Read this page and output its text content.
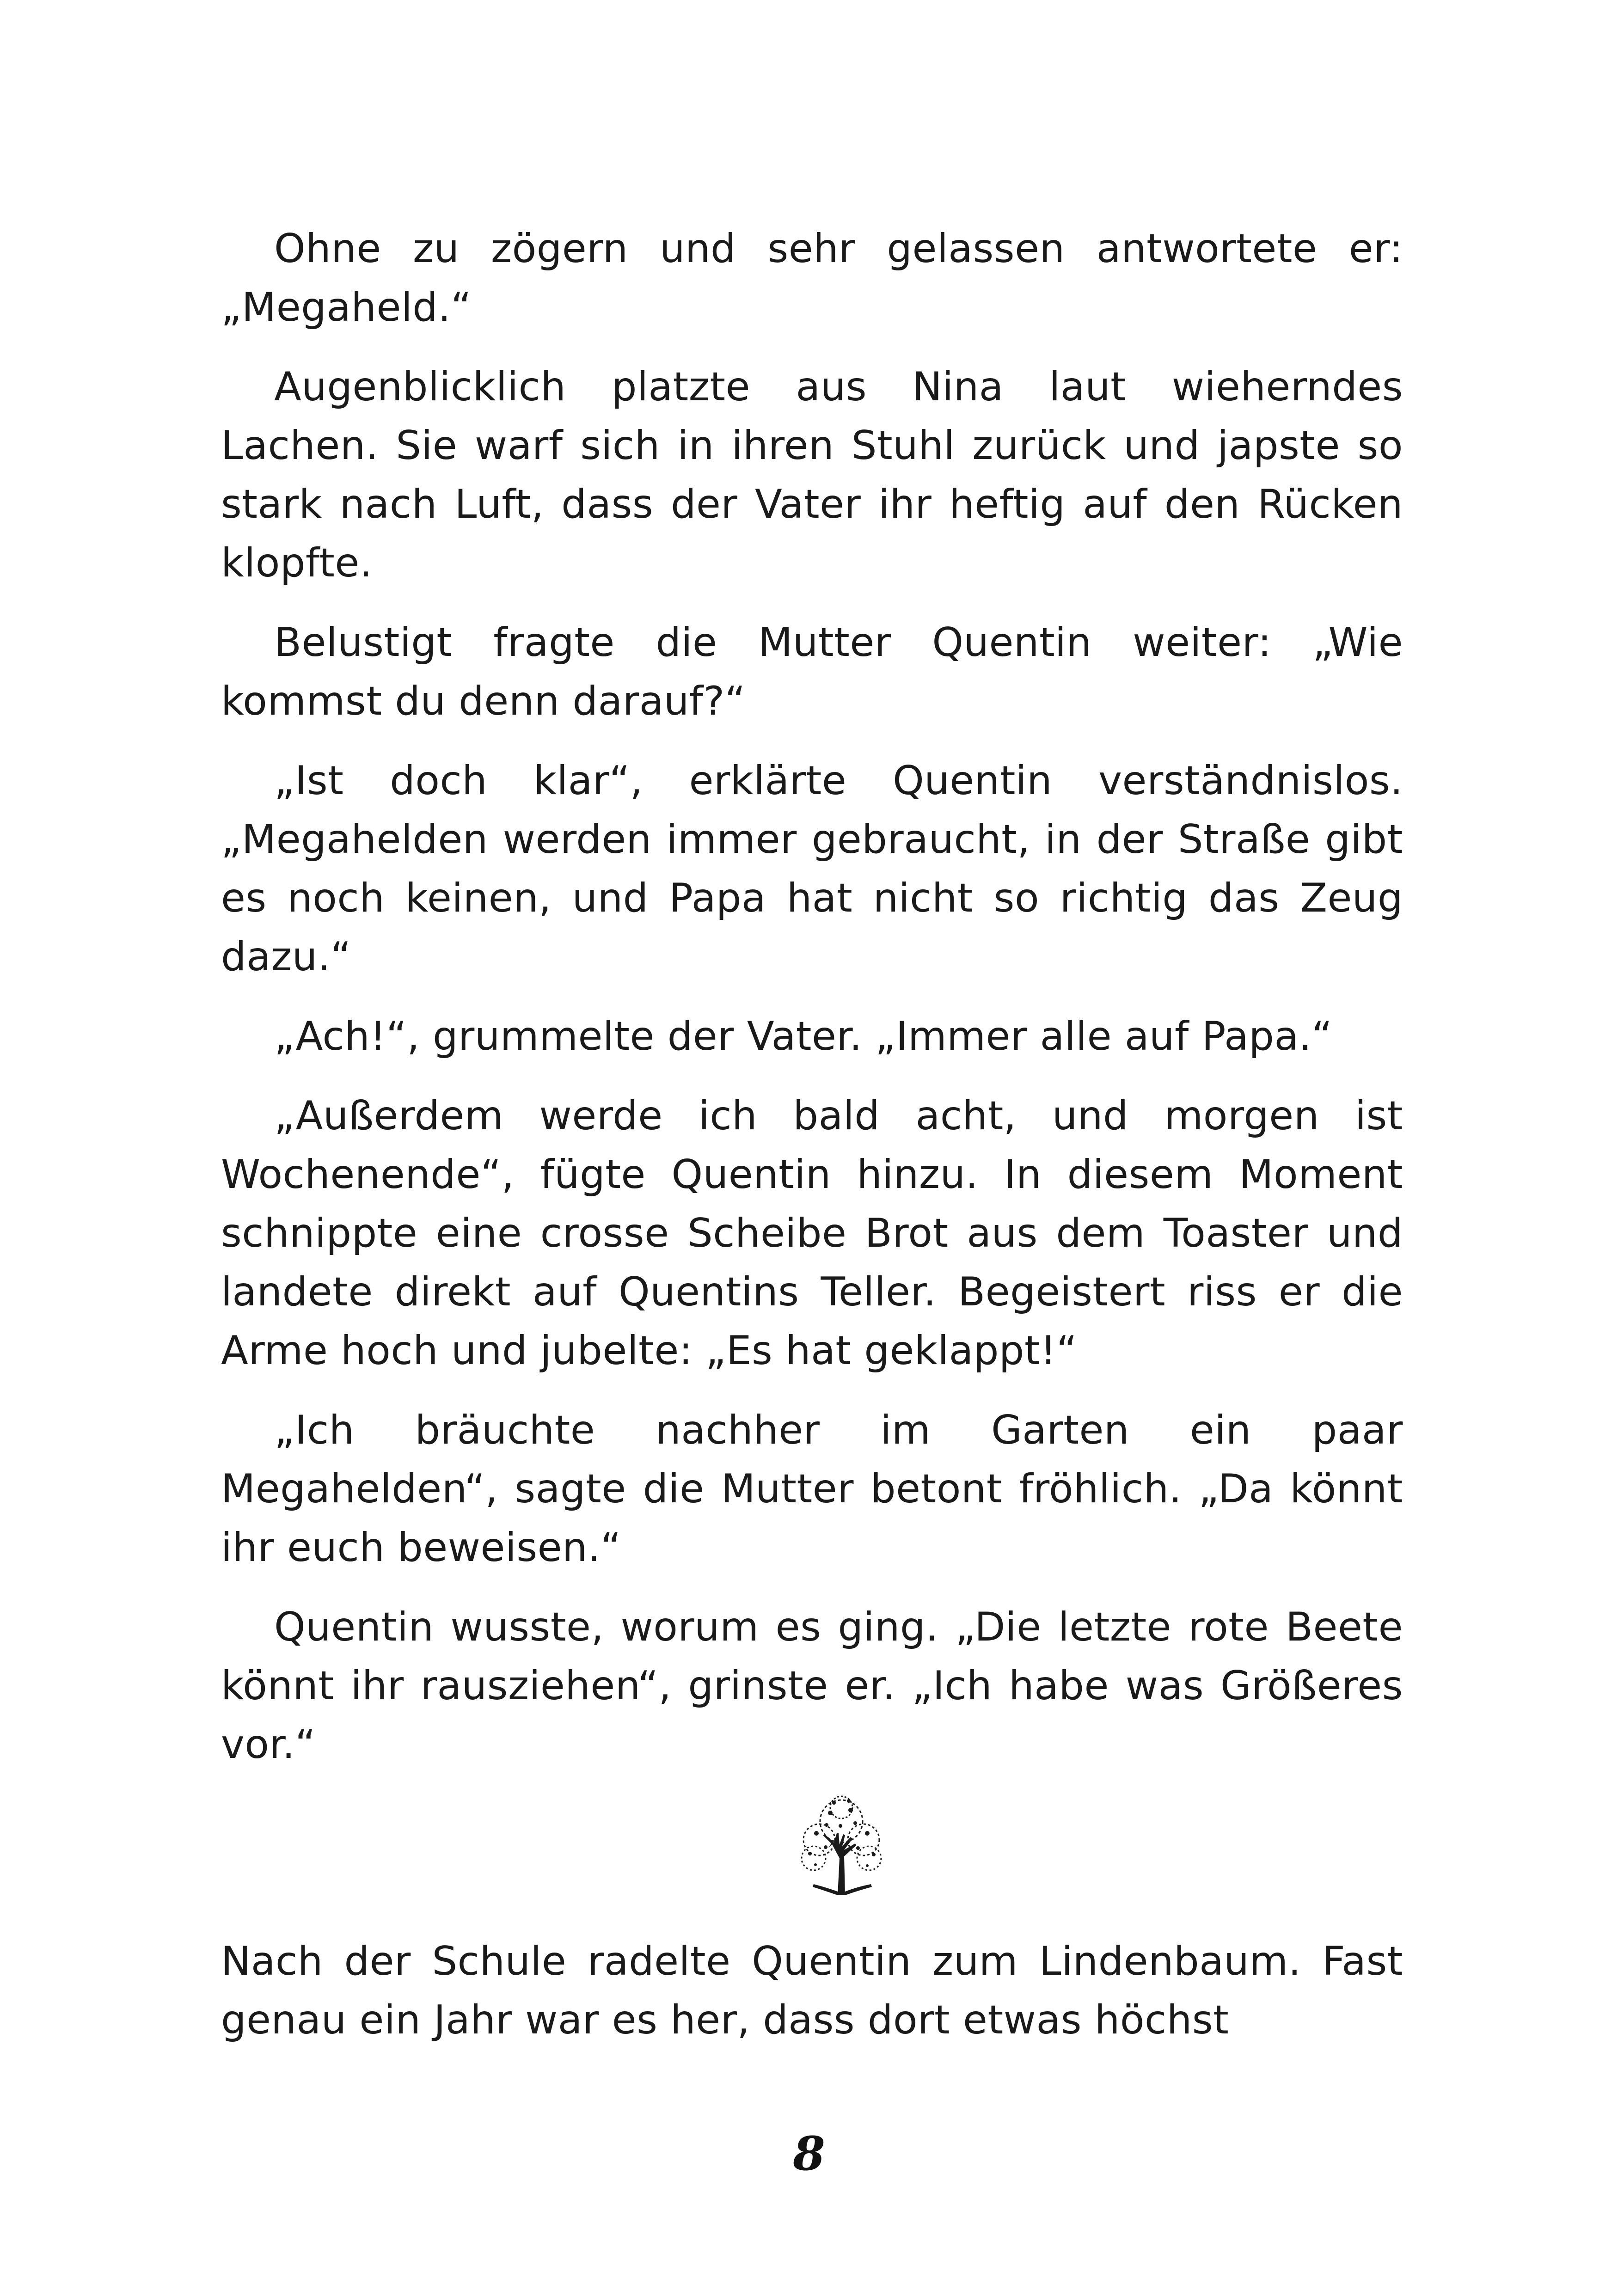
Ohne zu zögern und sehr gelassen antwortete er: „Megaheld.“

Augenblicklich platzte aus Nina laut wieherndes Lachen. Sie warf sich in ihren Stuhl zurück und japste so stark nach Luft, dass der Vater ihr heftig auf den Rücken klopfte.

Belustigt fragte die Mutter Quentin weiter: „Wie kommst du denn darauf?“

„Ist doch klar“, erklärte Quentin verständnislos. „Megahelden werden immer gebraucht, in der Straße gibt es noch keinen, und Papa hat nicht so richtig das Zeug dazu.“

„Ach!“, grummelte der Vater. „Immer alle auf Papa.“

„Außerdem werde ich bald acht, und morgen ist Wochenende“, fügte Quentin hinzu. In diesem Moment schnippte eine crosse Scheibe Brot aus dem Toaster und landete direkt auf Quentins Teller. Begeistert riss er die Arme hoch und jubelte: „Es hat geklappt!“

„Ich bräuchte nachher im Garten ein paar Megahelden“, sagte die Mutter betont fröhlich. „Da könnt ihr euch beweisen.“

Quentin wusste, worum es ging. „Die letzte rote Beete könnt ihr rausziehen“, grinste er. „Ich habe was Größeres vor.“

Nach der Schule radelte Quentin zum Lindenbaum. Fast genau ein Jahr war es her, dass dort etwas höchst

8
